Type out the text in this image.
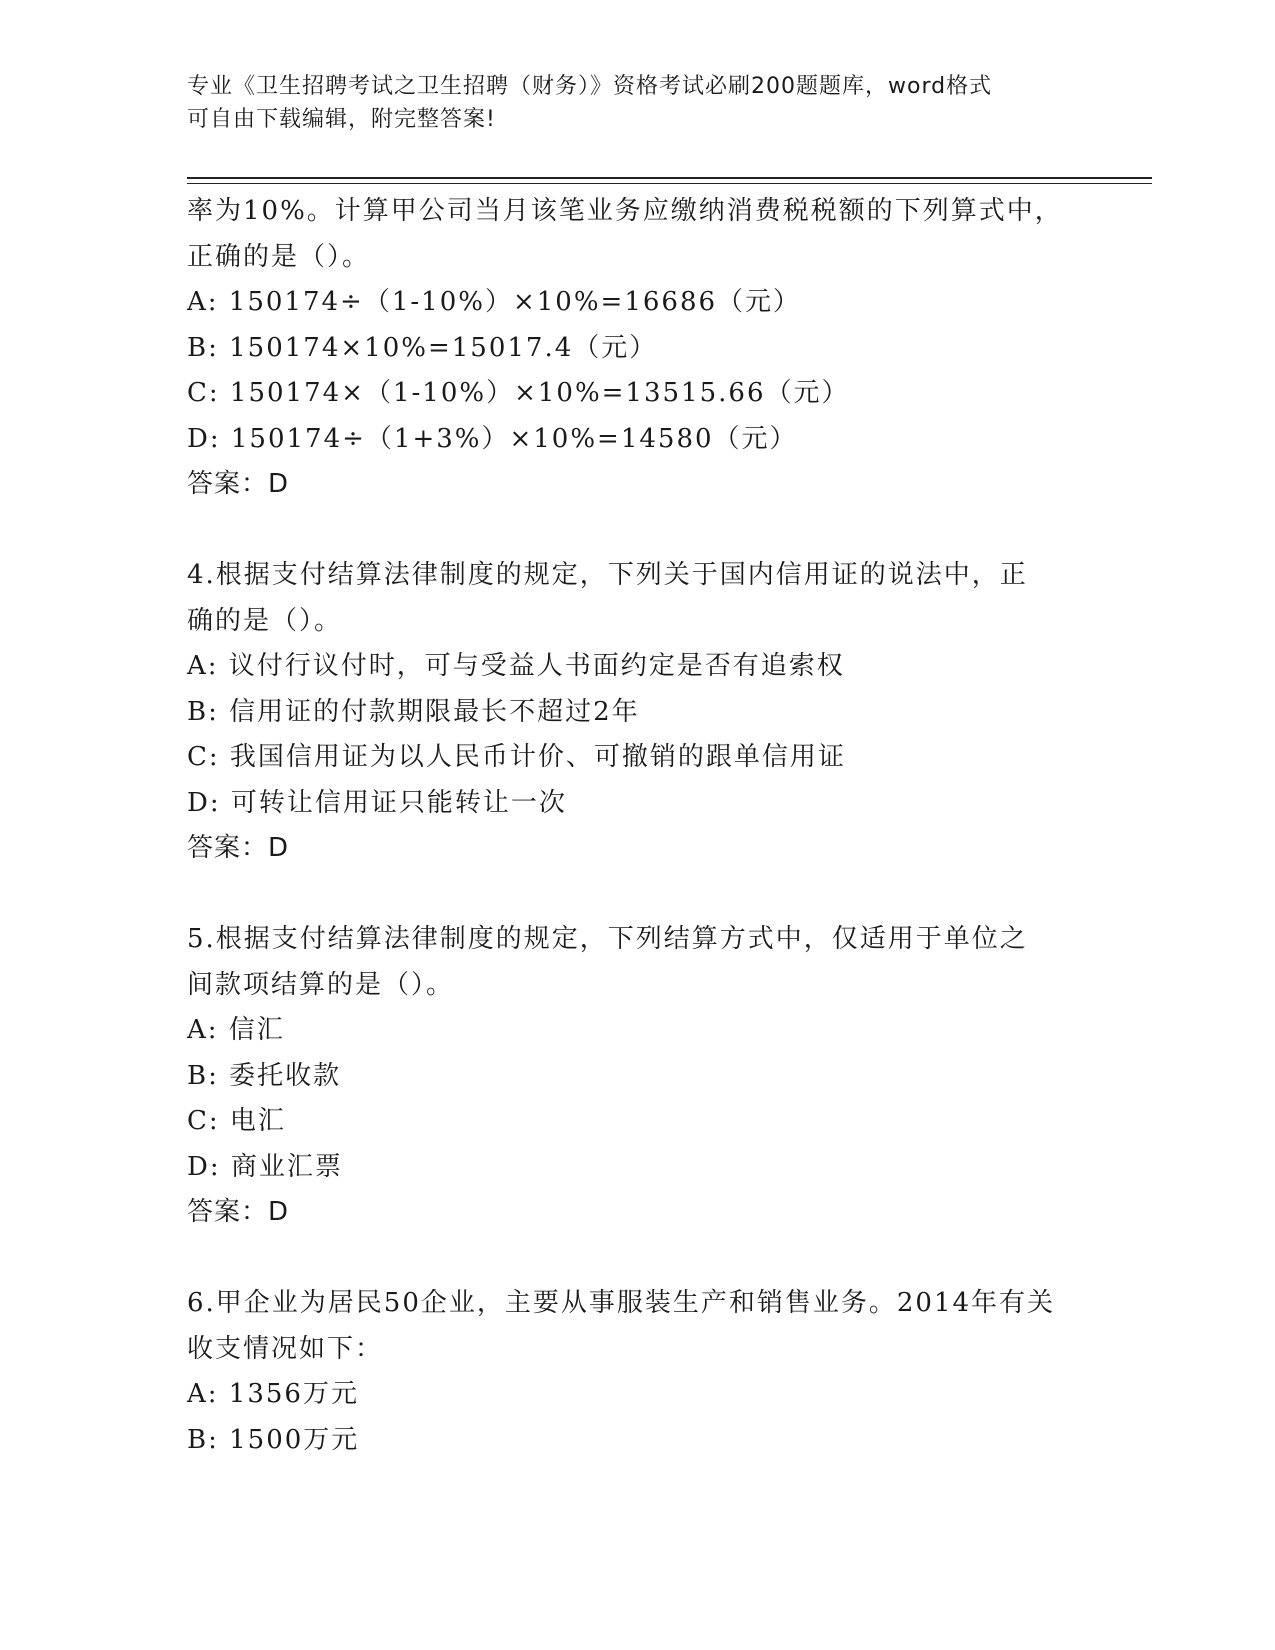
专业《卫生招聘考试之卫生招聘（财务）》资格考试必刷200题题库，word格式
可自由下载编辑，附完整答案!
率为10%。计算甲公司当月该笔业务应缴纳消费税税额的下列算式中，
正确的是（）。
A: 150174÷（1-10%）×10%=16686（元）
B: 150174×10%=15017.4（元）
C: 150174×（1-10%）×10%=13515.66（元）
D: 150174÷（1+3%）×10%=14580（元）
答案：D
4.根据支付结算法律制度的规定，下列关于国内信用证的说法中，正
确的是（）。
A: 议付行议付时，可与受益人书面约定是否有追索权
B: 信用证的付款期限最长不超过2年
C: 我国信用证为以人民币计价、可撤销的跟单信用证
D: 可转让信用证只能转让一次
答案：D
5.根据支付结算法律制度的规定，下列结算方式中，仅适用于单位之
间款项结算的是（）。
A: 信汇
B: 委托收款
C: 电汇
D: 商业汇票
答案：D
6.甲企业为居民50企业，主要从事服装生产和销售业务。2014年有关
收支情况如下：
A: 1356万元
B: 1500万元
